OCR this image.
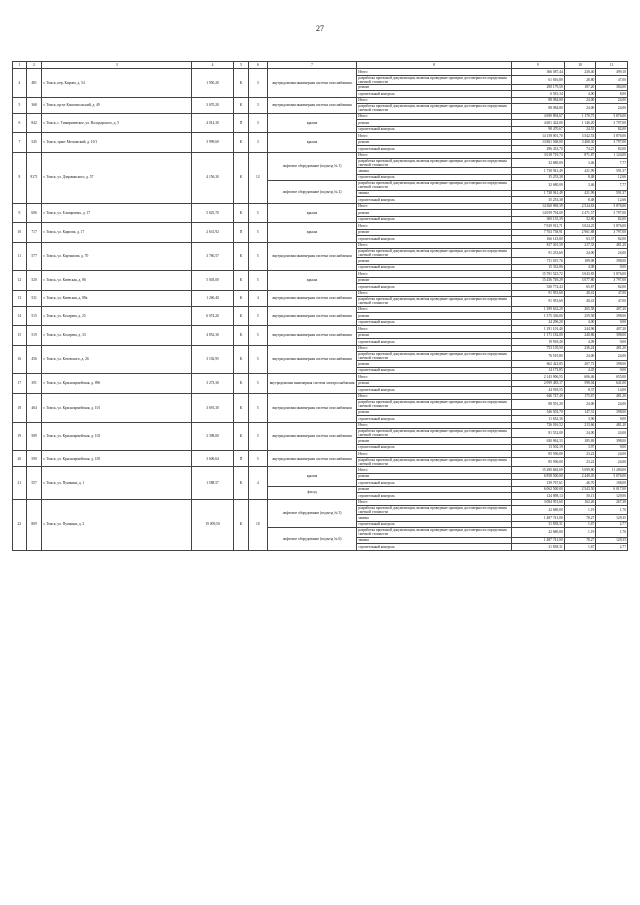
27
1	2	3	4	5	6	7	8	9	10	11
4	481	г. Томск, пер. Кирова, д. 54	1 950,20	К	3	внутридомовая инженерная система газоснабжения	Итого	366 587,44	230,40	499,10
							разработка проектной документации, включая проведение проверки достоверности определения сметной стоимости	61 816,80	28,80	47,00
							ремонт	290 179,50	187,20	384,00
							строительный контроль	6 581,34	4,00	8,00
5	368	г. Томск, пр-кт Комсомольский, д. 49	3 670,20	К	3	внутридомовая инженерная система газоснабжения	Итого	88 084,80	24,00	24,00
							разработка проектной документации, включая проведение проверки достоверности определения сметной стоимости	88 084,80	24,00	24,00
6	842	г. Томск, с. Тимирязевское, ул. Володарского, д. 5	4 014,30	П	3	крыша	Итого	4 690 894,67	1 170,75	3 876,00
							ремонт	4 601 424,00	1 146,20	3 797,00
							строительный контроль	98 470,67	24,55	82,00
7	545	г. Томск, тракт Московский, д. 10/1	3 999,60	К	3	крыша	Итого	14 158 001,70	3 542,53	3 876,00
							ремонт	13 861 568,00	3 468,30	3 797,00
							строительный контроль	296 433,70	74,23	82,00
8	8171	г. Томск, ул. Дзержинского, д. 57	4 156,30	К	12	лифтовое оборудование (подъезд № 1)	Итого	3 618 719,74	871,87	1 124,00
							разработка проектной документации, включая проведение проверки достоверности определения сметной стоимости	32 680,00	3,46	7,77
							замена	1 738 941,49	421,99	591,37
							строительный контроль	35 253,38	8,48	12,66
						лифтовое оборудование (подъезд № 2)	разработка проектной документации, включая проведение проверки достоверности определения сметной стоимости	32 680,00	3,46	7,77
							замена	1 738 941,49	421,99	591,37
							строительный контроль	35 253,38	8,48	12,66
9	606	г. Томск, ул. Елизаровых, д. 17	5 825,70	К	5	крыша	Итого	14 360 969,39	2 524,63	3 876,00
							ремонт	14 059 794,00	2 471,57	3 797,00
							строительный контроль	300 155,39	52,80	82,00
10	717	г. Томск, ул. Карпова, д. 17	2 631,92	П	5	крыша	Итого	7 929 912,71	3 024,25	3 876,00
							ремонт	7 763 738,91	2 961,88	3 797,00
							строительный контроль	166 143,80	63,37	82,00
11	577	г. Томск, ул. Карташова, д. 70	3 760,57	К	5	внутридомовая инженерная система газоснабжения	Итого	817 301,50	217,33	481,20
							разработка проектной документации, включая проведение проверки достоверности определения сметной стоимости	91 233,60	24,00	24,00
							ремонт	711 015,76	189,08	398,00
							строительный контроль	15 332,86	4,08	9,00
12	520	г. Томск, ул. Киевская, д. 86	5 003,00	К	5	крыша	Итого	15 781 523,72	3 043,83	3 876,00
							ремонт	15 456 749,29	3 077,80	3 797,00
							строительный контроль	330 774,43	65,87	82,00
13	531	г. Томск, ул. Киевская, д. 88а	1 260,40	К	4	внутридомовая инженерная система газоснабжения	Итого	91 953,60	40,41	47,00
							разработка проектной документации, включая проведение проверки достоверности определения сметной стоимости	91 953,60	40,41	47,00
14	515	г. Томск, ул. Косарева, д. 25	6 074,20	К	5	внутридомовая инженерная система газоснабжения	Итого	1 399 632,20	265,58	407,20
							ремонт	1 375 336,00	259,58	398,00
							строительный контроль	24 296,20	4,00	9,00
15	519	г. Томск, ул. Косарева, д. 33	4 852,30	К	5	внутридомовая инженерная система газоснабжения	Итого	1 191 101,40	244,96	407,20
							ремонт	1 171 182,00	240,86	398,00
							строительный контроль	19 918,40	4,09	9,00
16	456	г. Томск, ул. Котовского, д. 26	3 102,95	К	5	внутридомовая инженерная система газоснабжения	Итого	753 159,50	236,24	481,20
							разработка проектной документации, включая проведение проверки достоверности определения сметной стоимости	76 519,80	24,00	24,00
							ремонт	662 422,85	207,75	398,00
							строительный контроль	14 173,85	4,45	9,00
17	391	г. Томск, ул. Красноармейская, д. 89б	3 273,30	К	5	внутридомовая инженерная система электроснабжения	Итого	2 143 906,55	606,46	655,00
							ремонт	2 099 483,17	598,04	641,00
							строительный контроль	44 918,55	8,37	14,00
18	464	г. Томск, ул. Красноармейская, д. 101	3 691,30	К	5	внутридомовая инженерная система газоснабжения	Итого	646 747,49	175,67	481,20
							разработка проектной документации, включая проведение проверки достоверности определения сметной стоимости	88 591,20	24,00	24,00
							ремонт	546 503,70	147,31	398,00
							строительный контроль	11 652,30	3,96	9,00
19	589	г. Томск, ул. Красноармейская, д. 103	3 398,00	К	5	внутридомовая инженерная система газоснабжения	Итого	726 016,52	213,66	481,20
							разработка проектной документации, включая проведение проверки достоверности определения сметной стоимости	81 552,00	24,00	24,00
							ремонт	630 962,33	185,69	398,00
							строительный контроль	13 502,19	3,97	9,00
20	590	г. Томск, ул. Красноармейская, д. 105	3 606,64	П	5	внутридомовая инженерная система газоснабжения	Итого	85 596,00	23,22	24,00
							разработка проектной документации, включая проведение проверки достоверности определения сметной стоимости	85 596,00	23,22	24,00
21	557	г. Томск, ул. Пушкина, д. 1	1 588,57	К	4	крыша	Итого	15 280 682,69	5 099,80	11 280,00
							ремонт	6 858 500,00	2 449,45	5 076,00
							строительный контроль	139 767,61	46,70	108,00
						фасад	ремонт	6 062 500,00	2 543,50	6 017,00
							строительный контроль	124 898,13	50,15	129,00
22	809	г. Томск, ул. Пушкина, д. 3	19 009,50	К	10	лифтовое оборудование (подъезд № 5)	Итого	3 084 951,60	162,26	267,38
							разработка проектной документации, включая проведение проверки достоверности определения сметной стоимости	22 680,00	1,19	1,70
							замена	1 487 741,00	78,27	129,35
							строительный контроль	31 838,31	1,67	2,77
						лифтовое оборудование (подъезд № 6)	разработка проектной документации, включая проведение проверки достоверности определения сметной стоимости	22 680,00	1,19	1,70
							замена	1 487 741,00	78,27	129,35
							строительный контроль	31 838,31	1,67	2,77
